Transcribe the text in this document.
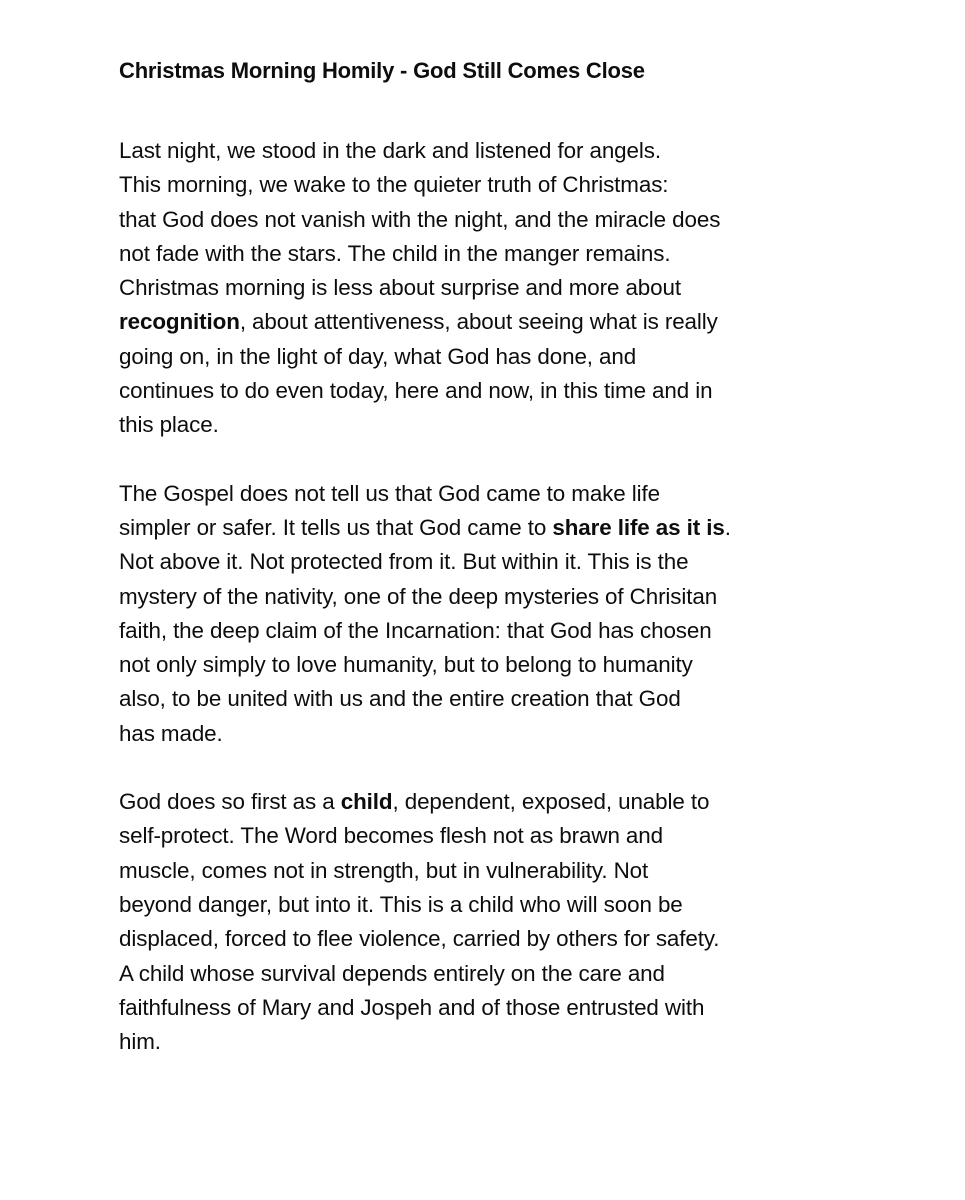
Christmas Morning Homily - God Still Comes Close

Last night, we stood in the dark and listened for angels.
This morning, we wake to the quieter truth of Christmas:
that God does not vanish with the night, and the miracle does
not fade with the stars. The child in the manger remains.
Christmas morning is less about surprise and more about
recognition, about attentiveness, about seeing what is really
going on, in the light of day, what God has done, and
continues to do even today, here and now, in this time and in
this place.

The Gospel does not tell us that God came to make life
simpler or safer. It tells us that God came to share life as it is.
Not above it. Not protected from it. But within it. This is the
mystery of the nativity, one of the deep mysteries of Chrisitan
faith, the deep claim of the Incarnation: that God has chosen
not only simply to love humanity, but to belong to humanity
also, to be united with us and the entire creation that God
has made.

God does so first as a child, dependent, exposed, unable to
self-protect. The Word becomes flesh not as brawn and
muscle, comes not in strength, but in vulnerability. Not
beyond danger, but into it. This is a child who will soon be
displaced, forced to flee violence, carried by others for safety.
A child whose survival depends entirely on the care and
faithfulness of Mary and Jospeh and of those entrusted with
him.
